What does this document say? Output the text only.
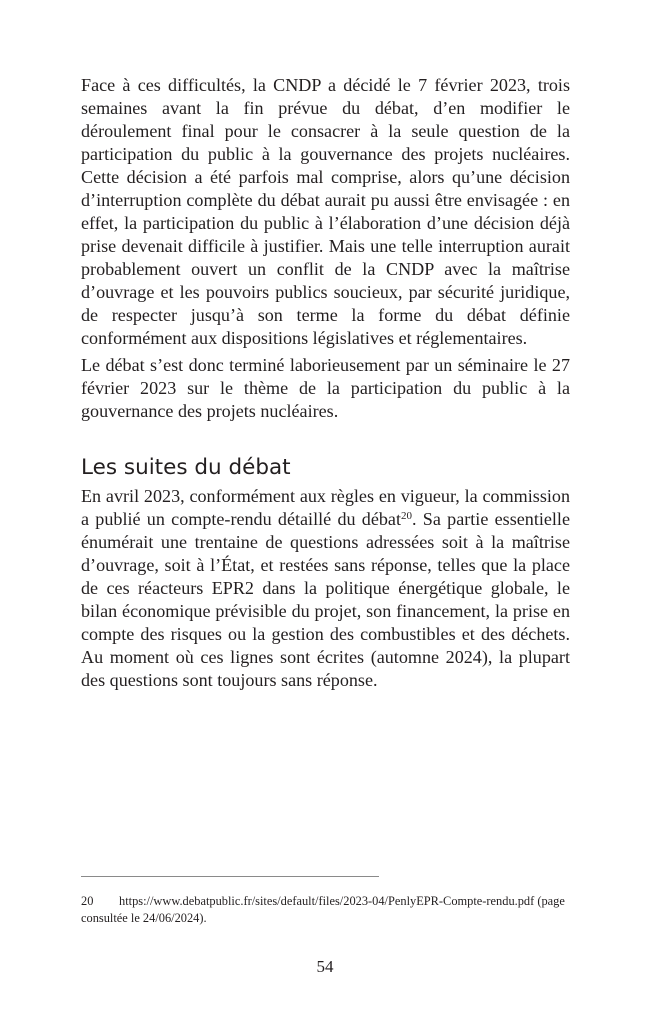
Face à ces difficultés, la CNDP a décidé le 7 février 2023, trois semaines avant la fin prévue du débat, d’en modifier le déroulement final pour le consacrer à la seule question de la participation du public à la gouvernance des projets nucléaires. Cette décision a été parfois mal comprise, alors qu’une décision d’interruption complète du débat aurait pu aussi être envisagée : en effet, la participation du public à l’élaboration d’une décision déjà prise devenait difficile à justifier. Mais une telle interruption aurait probablement ouvert un conflit de la CNDP avec la maîtrise d’ouvrage et les pouvoirs publics soucieux, par sécurité juridique, de respecter jusqu’à son terme la forme du débat définie conformément aux dispositions législatives et réglementaires.

Le débat s’est donc terminé laborieusement par un séminaire le 27 février 2023 sur le thème de la participation du public à la gouvernance des projets nucléaires.

Les suites du débat

En avril 2023, conformément aux règles en vigueur, la commission a publié un compte-rendu détaillé du débat$^{20}$. Sa partie essentielle énumérait une trentaine de questions adressées soit à la maîtrise d’ouvrage, soit à l’État, et restées sans réponse, telles que la place de ces réacteurs EPR2 dans la politique énergétique globale, le bilan économique prévisible du projet, son financement, la prise en compte des risques ou la gestion des combustibles et des déchets. Au moment où ces lignes sont écrites (automne 2024), la plupart des questions sont toujours sans réponse.

20 https://www.debatpublic.fr/sites/default/files/2023-04/PenlyEPR-Compte-rendu.pdf (page consultée le 24/06/2024).
54
